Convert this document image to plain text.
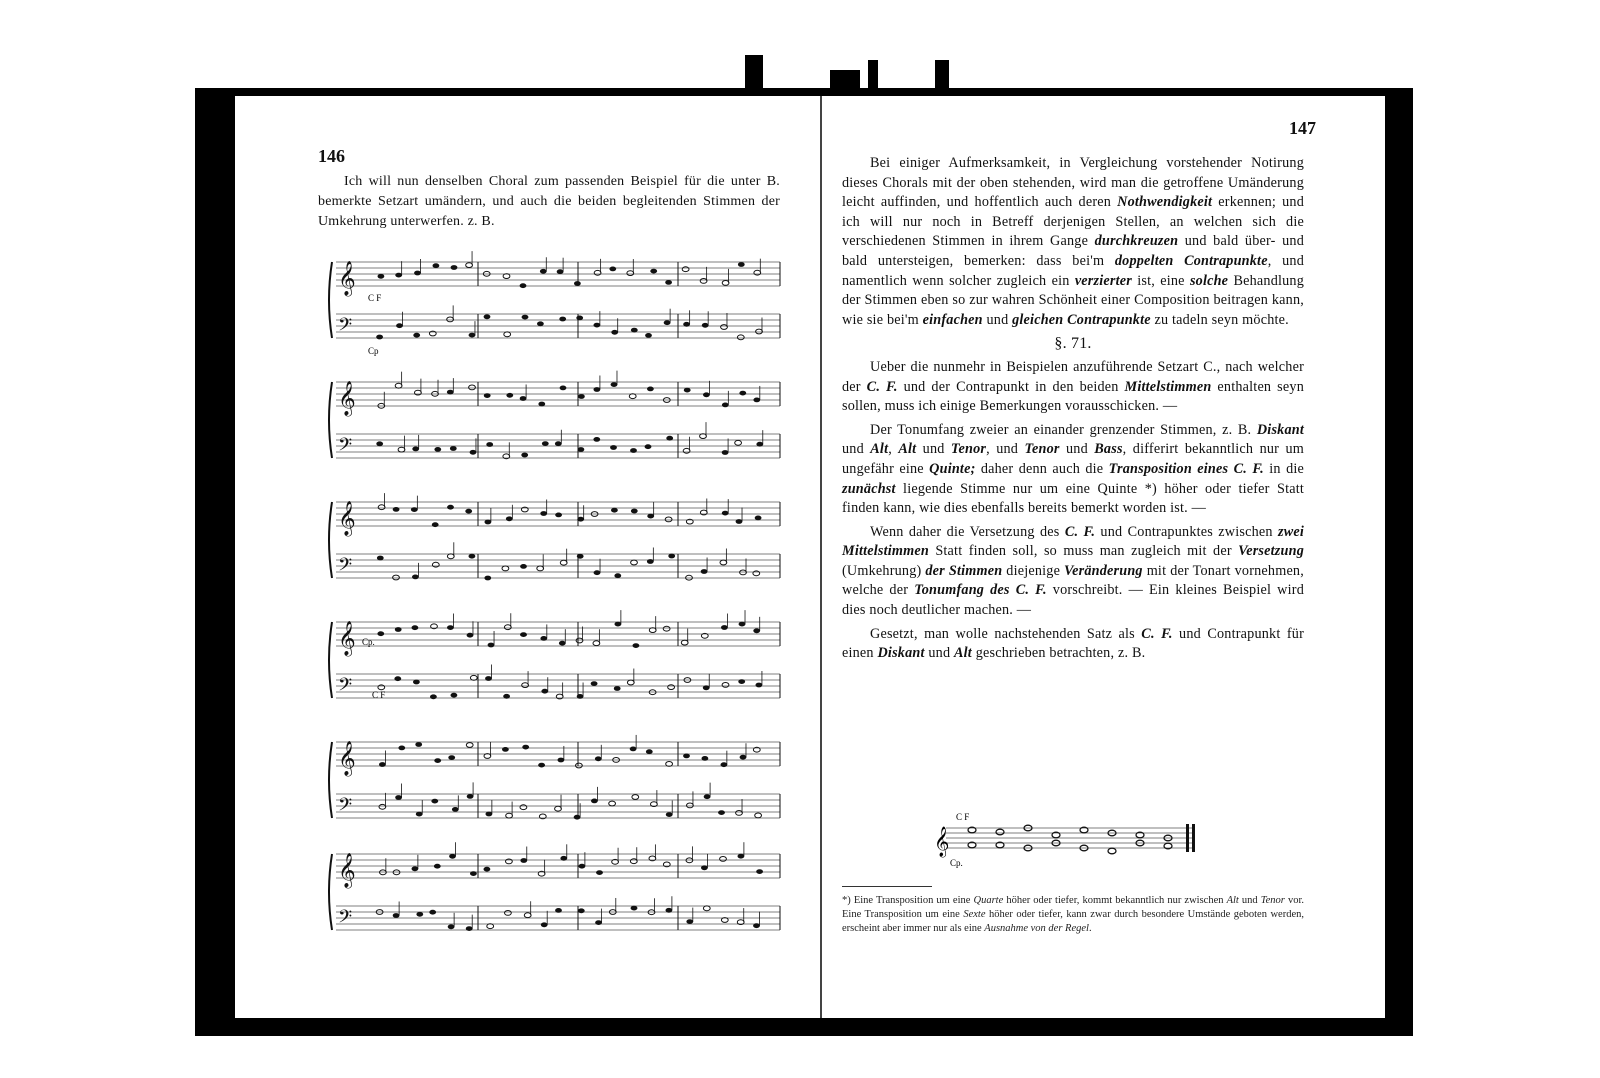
146

Ich will nun denselben Choral zum passenden Beispiel für die unter B. bemerkte Setzart umändern, und auch die beiden begleitenden Stimmen der Umkehrung unterwerfen. z. B.

𝄞
𝄢
𝄞
𝄢
𝄞
𝄢
𝄞
𝄢
𝄞
𝄢
𝄞
𝄢
C F
Cp
Cp.
C F
147

Bei einiger Aufmerksamkeit, in Vergleichung vorstehender Notirung dieses Chorals mit der oben stehenden, wird man die getroffene Umänderung leicht auffinden, und hoffentlich auch deren Nothwendigkeit erkennen; und ich will nur noch in Betreff derjenigen Stellen, an welchen sich die verschiedenen Stimmen in ihrem Gange durchkreuzen und bald über- und bald untersteigen, bemerken: dass bei'm doppelten Contrapunkte, und namentlich wenn solcher zugleich ein verzierter ist, eine solche Behandlung der Stimmen eben so zur wahren Schönheit einer Composition beitragen kann, wie sie bei'm einfachen und gleichen Contrapunkte zu tadeln seyn möchte.

§. 71.

Ueber die nunmehr in Beispielen anzuführende Setzart C., nach welcher der C. F. und der Contrapunkt in den beiden Mittelstimmen enthalten seyn sollen, muss ich einige Bemerkungen vorausschicken. —

Der Tonumfang zweier an einander grenzender Stimmen, z. B. Diskant und Alt, Alt und Tenor, und Tenor und Bass, differirt bekanntlich nur um ungefähr eine Quinte; daher denn auch die Transposition eines C. F. in die zunächst liegende Stimme nur um eine Quinte *) höher oder tiefer Statt finden kann, wie dies ebenfalls bereits bemerkt worden ist. —

Wenn daher die Versetzung des C. F. und Contrapunktes zwischen zwei Mittelstimmen Statt finden soll, so muss man zugleich mit der Versetzung (Umkehrung) der Stimmen diejenige Veränderung mit der Tonart vornehmen, welche der Tonumfang des C. F. vorschreibt. — Ein kleines Beispiel wird dies noch deutlicher machen. —

Gesetzt, man wolle nachstehenden Satz als C. F. und Contrapunkt für einen Diskant und Alt geschrieben betrachten, z. B.

𝄞
C F
Cp.
*) Eine Transposition um eine Quarte höher oder tiefer, kommt bekanntlich nur zwischen Alt und Tenor vor. Eine Transposition um eine Sexte höher oder tiefer, kann zwar durch besondere Umstände geboten werden, erscheint aber immer nur als eine Ausnahme von der Regel.
